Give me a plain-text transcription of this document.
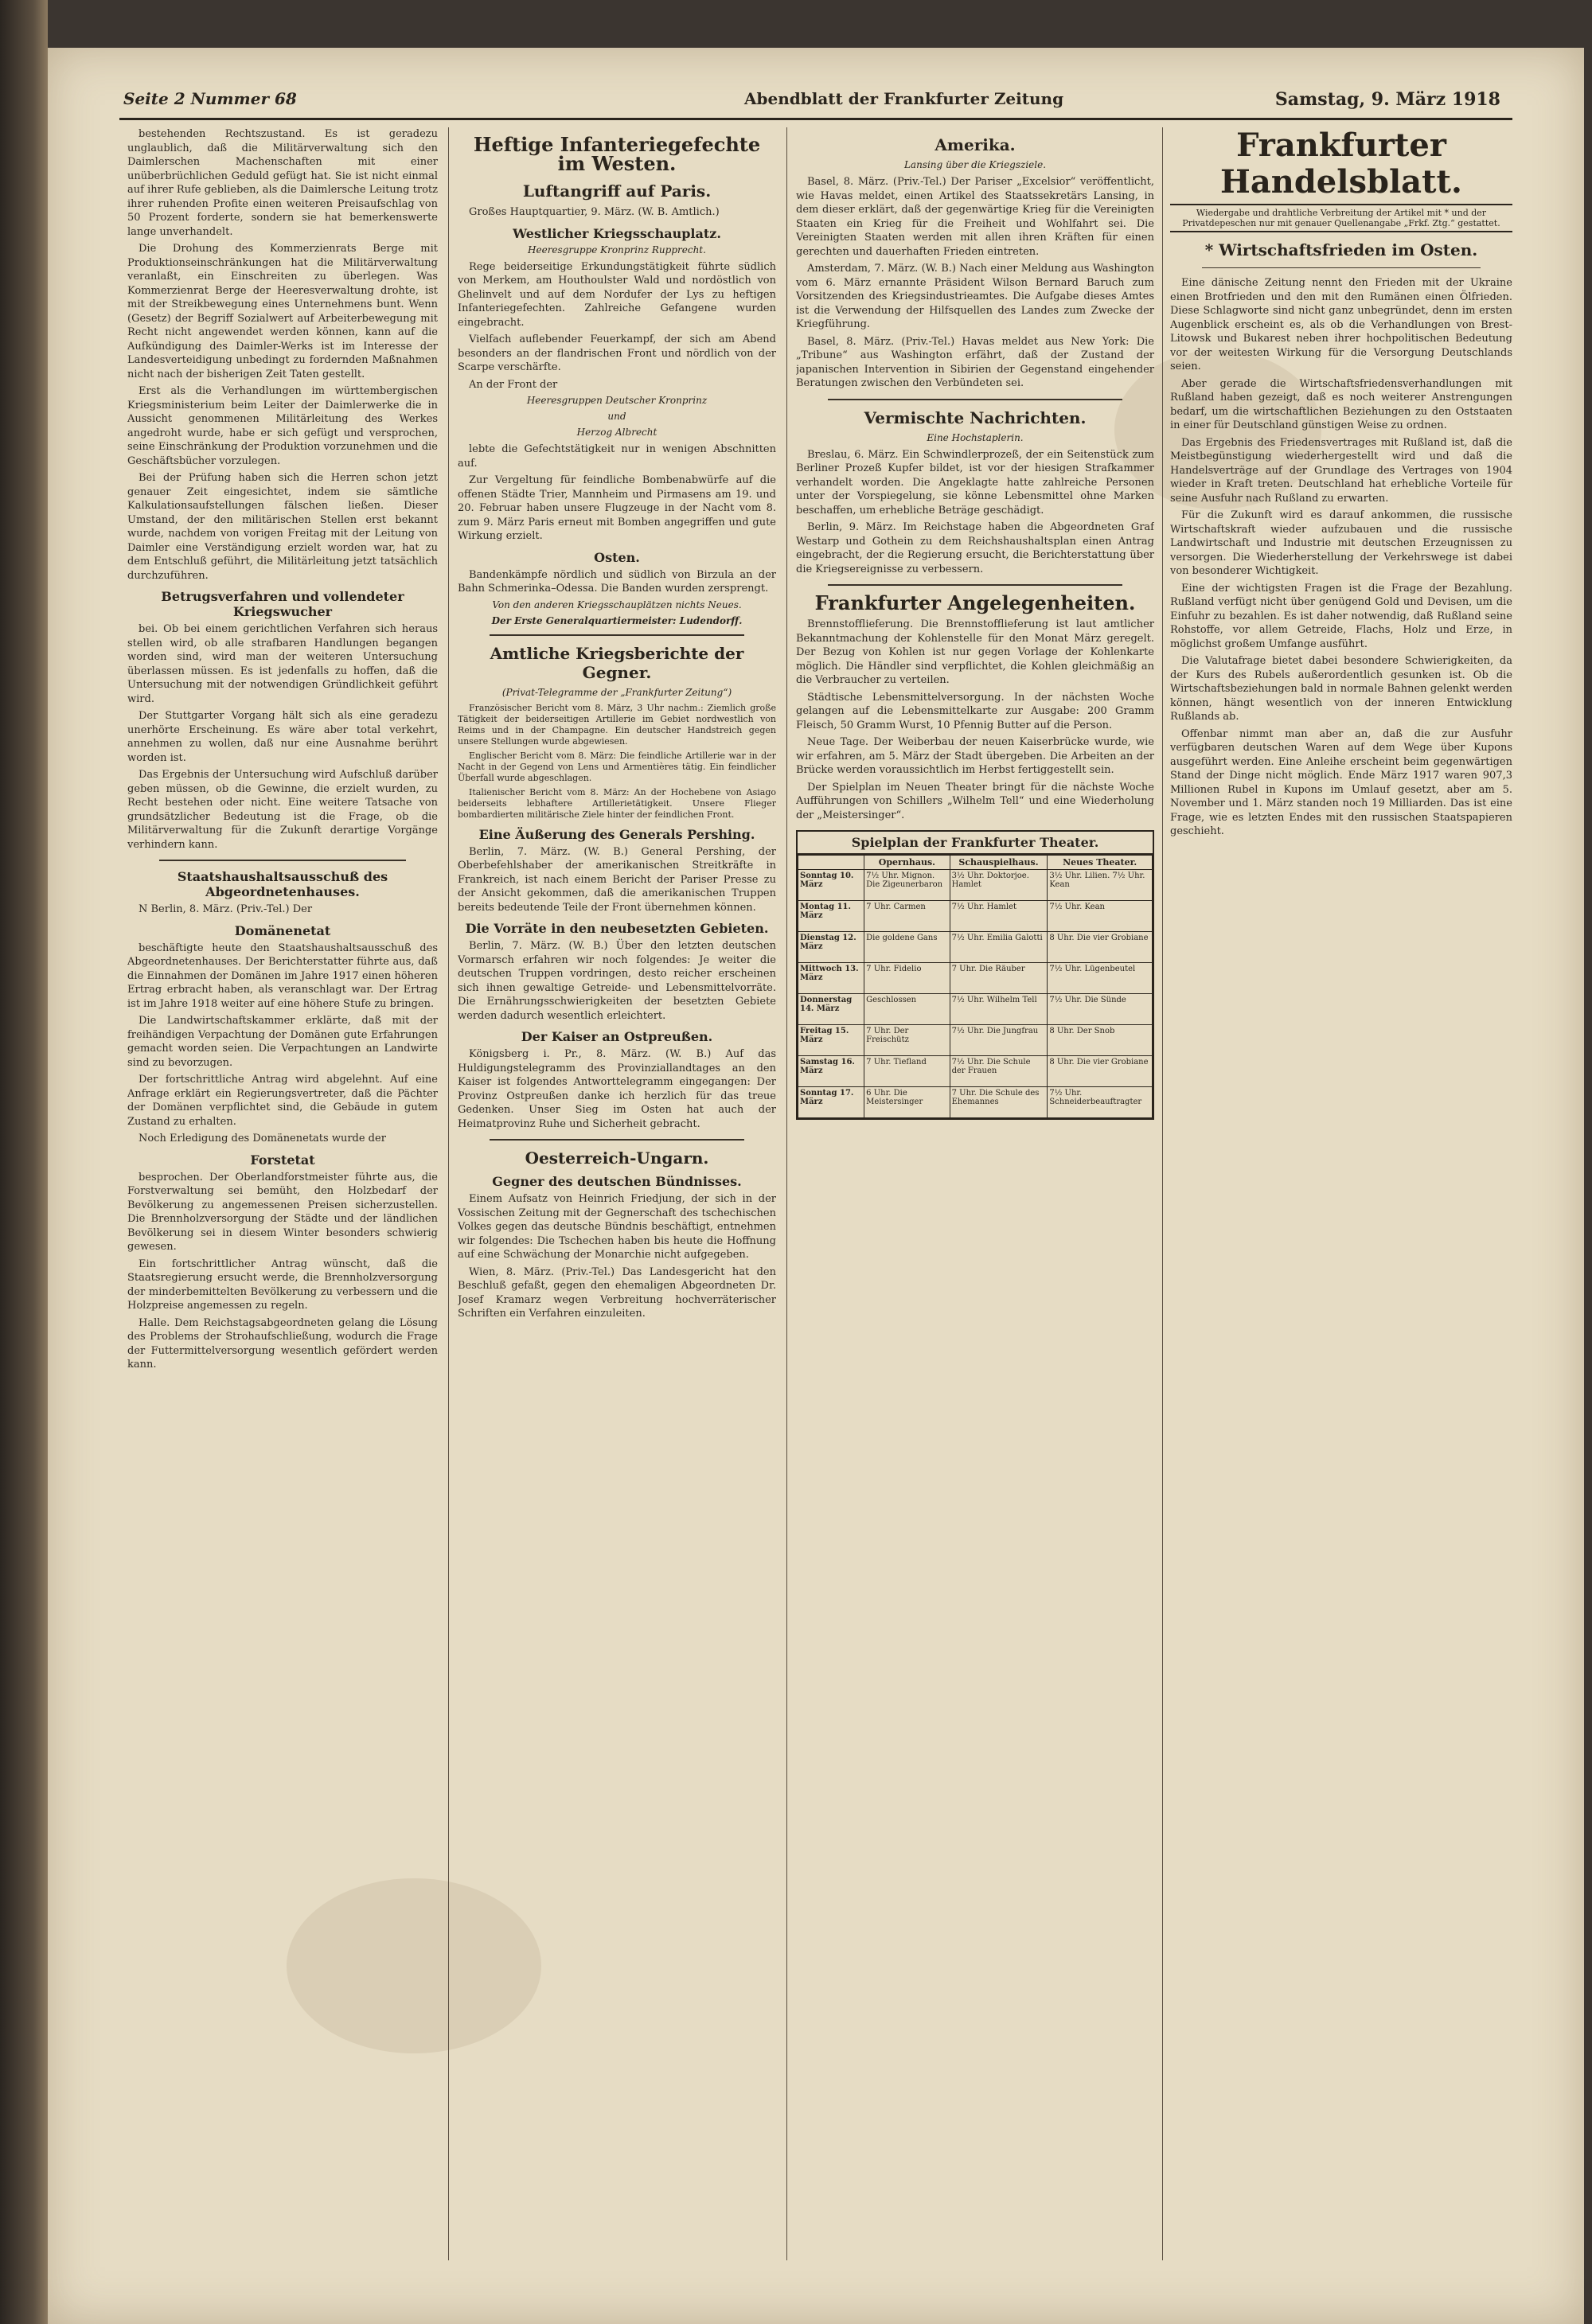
Seite 2 Nummer 68	Abendblatt der Frankfurter Zeitung	Samstag, 9. März 1918

bestehenden Rechtszustand. Es ist geradezu unglaublich, daß die Militärverwaltung sich den Daimlerschen Machenschaften mit einer unüberbrüchlichen Geduld gefügt hat. Sie ist nicht einmal auf ihrer Rufe geblieben, als die Daimlersche Leitung trotz ihrer ruhenden Profite einen weiteren Preisaufschlag von 50 Prozent forderte, sondern sie hat bemerkenswerte lange unverhandelt.

Die Drohung des Kommerzienrats Berge mit Produktionseinschränkungen hat die Militärverwaltung veranlaßt, ein Einschreiten zu überlegen. Was Kommerzienrat Berge der Heeresverwaltung drohte, ist mit der Streikbewegung eines Unternehmens bunt. Wenn (Gesetz) der Begriff Sozialwert auf Arbeiterbewegung mit Recht nicht angewendet werden können, kann auf die Aufkündigung des Daimler-Werks ist im Interesse der Landesverteidigung unbedingt zu fordernden Maßnahmen nicht nach der bisherigen Zeit Taten gestellt.

Erst als die Verhandlungen im württembergischen Kriegsministerium beim Leiter der Daimlerwerke die in Aussicht genommenen Militärleitung des Werkes angedroht wurde, habe er sich gefügt und versprochen, seine Einschränkung der Produktion vorzunehmen und die Geschäftsbücher vorzulegen.

Bei der Prüfung haben sich die Herren schon jetzt genauer Zeit eingesichtet, indem sie sämtliche Kalkulationsaufstellungen fälschen ließen. Dieser Umstand, der den militärischen Stellen erst bekannt wurde, nachdem von vorigen Freitag mit der Leitung von Daimler eine Verständigung erzielt worden war, hat zu dem Entschluß geführt, die Militärleitung jetzt tatsächlich durchzuführen.

Betrugsverfahren und vollendeter Kriegswucher

bei. Ob bei einem gerichtlichen Verfahren sich heraus stellen wird, ob alle strafbaren Handlungen begangen worden sind, wird man der weiteren Untersuchung überlassen müssen. Es ist jedenfalls zu hoffen, daß die Untersuchung mit der notwendigen Gründlichkeit geführt wird.

Der Stuttgarter Vorgang hält sich als eine geradezu unerhörte Erscheinung. Es wäre aber total verkehrt, annehmen zu wollen, daß nur eine Ausnahme berührt worden ist.

Das Ergebnis der Untersuchung wird Aufschluß darüber geben müssen, ob die Gewinne, die erzielt wurden, zu Recht bestehen oder nicht. Eine weitere Tatsache von grundsätzlicher Bedeutung ist die Frage, ob die Militärverwaltung für die Zukunft derartige Vorgänge verhindern kann.

Staatshaushaltsausschuß des Abgeordnetenhauses.

N Berlin, 8. März. (Priv.-Tel.) Der

Domänenetat

beschäftigte heute den Staatshaushaltsausschuß des Abgeordnetenhauses. Der Berichterstatter führte aus, daß die Einnahmen der Domänen im Jahre 1917 einen höheren Ertrag erbracht haben, als veranschlagt war. Der Ertrag ist im Jahre 1918 weiter auf eine höhere Stufe zu bringen.

Die Landwirtschaftskammer erklärte, daß mit der freihändigen Verpachtung der Domänen gute Erfahrungen gemacht worden seien. Die Verpachtungen an Landwirte sind zu bevorzugen.

Der fortschrittliche Antrag wird abgelehnt. Auf eine Anfrage erklärt ein Regierungsvertreter, daß die Pächter der Domänen verpflichtet sind, die Gebäude in gutem Zustand zu erhalten.

Noch Erledigung des Domänenetats wurde der

Forstetat

besprochen. Der Oberlandforstmeister führte aus, die Forstverwaltung sei bemüht, den Holzbedarf der Bevölkerung zu angemessenen Preisen sicherzustellen. Die Brennholzversorgung der Städte und der ländlichen Bevölkerung sei in diesem Winter besonders schwierig gewesen.

Ein fortschrittlicher Antrag wünscht, daß die Staatsregierung ersucht werde, die Brennholzversorgung der minderbemittelten Bevölkerung zu verbessern und die Holzpreise angemessen zu regeln.

Halle. Dem Reichstagsabgeordneten gelang die Lösung des Problems der Strohaufschließung, wodurch die Frage der Futtermittelversorgung wesentlich gefördert werden kann.

Heftige Infanteriegefechte im Westen.
Luftangriff auf Paris.

Großes Hauptquartier, 9. März. (W. B. Amtlich.)

Westlicher Kriegsschauplatz.
Heeresgruppe Kronprinz Rupprecht.

Rege beiderseitige Erkundungstätigkeit führte südlich von Merkem, am Houthoulster Wald und nordöstlich von Ghelinvelt und auf dem Nordufer der Lys zu heftigen Infanteriegefechten. Zahlreiche Gefangene wurden eingebracht.

Vielfach auflebender Feuerkampf, der sich am Abend besonders an der flandrischen Front und nördlich von der Scarpe verschärfte.

An der Front der

Heeresgruppen Deutscher Kronprinz
und
Herzog Albrecht

lebte die Gefechtstätigkeit nur in wenigen Abschnitten auf.

Zur Vergeltung für feindliche Bombenabwürfe auf die offenen Städte Trier, Mannheim und Pirmasens am 19. und 20. Februar haben unsere Flugzeuge in der Nacht vom 8. zum 9. März Paris erneut mit Bomben angegriffen und gute Wirkung erzielt.

Osten.

Bandenkämpfe nördlich und südlich von Birzula an der Bahn Schmerinka–Odessa. Die Banden wurden zersprengt.

Von den anderen Kriegsschauplätzen nichts Neues.
Der Erste Generalquartiermeister: Ludendorff.
Amtliche Kriegsberichte der Gegner.
(Privat-Telegramme der „Frankfurter Zeitung“)

Französischer Bericht vom 8. März, 3 Uhr nachm.: Ziemlich große Tätigkeit der beiderseitigen Artillerie im Gebiet nordwestlich von Reims und in der Champagne. Ein deutscher Handstreich gegen unsere Stellungen wurde abgewiesen.

Englischer Bericht vom 8. März: Die feindliche Artillerie war in der Nacht in der Gegend von Lens und Armentières tätig. Ein feindlicher Überfall wurde abgeschlagen.

Italienischer Bericht vom 8. März: An der Hochebene von Asiago beiderseits lebhaftere Artillerietätigkeit. Unsere Flieger bombardierten militärische Ziele hinter der feindlichen Front.

Eine Äußerung des Generals Pershing.

Berlin, 7. März. (W. B.) General Pershing, der Oberbefehlshaber der amerikanischen Streitkräfte in Frankreich, ist nach einem Bericht der Pariser Presse zu der Ansicht gekommen, daß die amerikanischen Truppen bereits bedeutende Teile der Front übernehmen können.

Die Vorräte in den neubesetzten Gebieten.

Berlin, 7. März. (W. B.) Über den letzten deutschen Vormarsch erfahren wir noch folgendes: Je weiter die deutschen Truppen vordringen, desto reicher erscheinen sich ihnen gewaltige Getreide- und Lebensmittelvorräte. Die Ernährungsschwierigkeiten der besetzten Gebiete werden dadurch wesentlich erleichtert.

Der Kaiser an Ostpreußen.

Königsberg i. Pr., 8. März. (W. B.) Auf das Huldigungstelegramm des Provinziallandtages an den Kaiser ist folgendes Antworttelegramm eingegangen: Der Provinz Ostpreußen danke ich herzlich für das treue Gedenken. Unser Sieg im Osten hat auch der Heimatprovinz Ruhe und Sicherheit gebracht.

Oesterreich-Ungarn.
Gegner des deutschen Bündnisses.

Einem Aufsatz von Heinrich Friedjung, der sich in der Vossischen Zeitung mit der Gegnerschaft des tschechischen Volkes gegen das deutsche Bündnis beschäftigt, entnehmen wir folgendes: Die Tschechen haben bis heute die Hoffnung auf eine Schwächung der Monarchie nicht aufgegeben.

Wien, 8. März. (Priv.-Tel.) Das Landesgericht hat den Beschluß gefaßt, gegen den ehemaligen Abgeordneten Dr. Josef Kramarz wegen Verbreitung hochverräterischer Schriften ein Verfahren einzuleiten.

Amerika.
Lansing über die Kriegsziele.

Basel, 8. März. (Priv.-Tel.) Der Pariser „Excelsior“ veröffentlicht, wie Havas meldet, einen Artikel des Staatssekretärs Lansing, in dem dieser erklärt, daß der gegenwärtige Krieg für die Vereinigten Staaten ein Krieg für die Freiheit und Wohlfahrt sei. Die Vereinigten Staaten werden mit allen ihren Kräften für einen gerechten und dauerhaften Frieden eintreten.

Amsterdam, 7. März. (W. B.) Nach einer Meldung aus Washington vom 6. März ernannte Präsident Wilson Bernard Baruch zum Vorsitzenden des Kriegsindustrieamtes. Die Aufgabe dieses Amtes ist die Verwendung der Hilfsquellen des Landes zum Zwecke der Kriegführung.

Basel, 8. März. (Priv.-Tel.) Havas meldet aus New York: Die „Tribune“ aus Washington erfährt, daß der Zustand der japanischen Intervention in Sibirien der Gegenstand eingehender Beratungen zwischen den Verbündeten sei.

Vermischte Nachrichten.
Eine Hochstaplerin.

Breslau, 6. März. Ein Schwindlerprozeß, der ein Seitenstück zum Berliner Prozeß Kupfer bildet, ist vor der hiesigen Strafkammer verhandelt worden. Die Angeklagte hatte zahlreiche Personen unter der Vorspiegelung, sie könne Lebensmittel ohne Marken beschaffen, um erhebliche Beträge geschädigt.

Berlin, 9. März. Im Reichstage haben die Abgeordneten Graf Westarp und Gothein zu dem Reichshaushaltsplan einen Antrag eingebracht, der die Regierung ersucht, die Berichterstattung über die Kriegsereignisse zu verbessern.

Frankfurter Angelegenheiten.

Brennstofflieferung. Die Brennstofflieferung ist laut amtlicher Bekanntmachung der Kohlenstelle für den Monat März geregelt. Der Bezug von Kohlen ist nur gegen Vorlage der Kohlenkarte möglich. Die Händler sind verpflichtet, die Kohlen gleichmäßig an die Verbraucher zu verteilen.

Städtische Lebensmittelversorgung. In der nächsten Woche gelangen auf die Lebensmittelkarte zur Ausgabe: 200 Gramm Fleisch, 50 Gramm Wurst, 10 Pfennig Butter auf die Person.

Neue Tage. Der Weiberbau der neuen Kaiserbrücke wurde, wie wir erfahren, am 5. März der Stadt übergeben. Die Arbeiten an der Brücke werden voraussichtlich im Herbst fertiggestellt sein.

Der Spielplan im Neuen Theater bringt für die nächste Woche Aufführungen von Schillers „Wilhelm Tell“ und eine Wiederholung der „Meistersinger“.

Spielplan der Frankfurter Theater.
	Opernhaus.	Schauspielhaus.	Neues Theater.
Sonntag 10. März	7½ Uhr. Mignon. Die Zigeunerbaron	3½ Uhr. Doktorjoe. Hamlet	3½ Uhr. Lilien. 7½ Uhr. Kean
Montag 11. März	7 Uhr. Carmen	7½ Uhr. Hamlet	7½ Uhr. Kean
Dienstag 12. März	Die goldene Gans	7½ Uhr. Emilia Galotti	8 Uhr. Die vier Grobiane
Mittwoch 13. März	7 Uhr. Fidelio	7 Uhr. Die Räuber	7½ Uhr. Lügenbeutel
Donnerstag 14. März	Geschlossen	7½ Uhr. Wilhelm Tell	7½ Uhr. Die Sünde
Freitag 15. März	7 Uhr. Der Freischütz	7½ Uhr. Die Jungfrau	8 Uhr. Der Snob
Samstag 16. März	7 Uhr. Tiefland	7½ Uhr. Die Schule der Frauen	8 Uhr. Die vier Grobiane
Sonntag 17. März	6 Uhr. Die Meistersinger	7 Uhr. Die Schule des Ehemannes	7½ Uhr. Schneiderbeauftragter
Frankfurter Handelsblatt.
Wiedergabe und drahtliche Verbreitung der Artikel mit * und der Privatdepeschen nur mit genauer Quellenangabe „Frkf. Ztg.“ gestattet.
* Wirtschaftsfrieden im Osten.

Eine dänische Zeitung nennt den Frieden mit der Ukraine einen Brotfrieden und den mit den Rumänen einen Ölfrieden. Diese Schlagworte sind nicht ganz unbegründet, denn im ersten Augenblick erscheint es, als ob die Verhandlungen von Brest-Litowsk und Bukarest neben ihrer hochpolitischen Bedeutung vor der weitesten Wirkung für die Versorgung Deutschlands seien.

Aber gerade die Wirtschaftsfriedensverhandlungen mit Rußland haben gezeigt, daß es noch weiterer Anstrengungen bedarf, um die wirtschaftlichen Beziehungen zu den Oststaaten in einer für Deutschland günstigen Weise zu ordnen.

Das Ergebnis des Friedensvertrages mit Rußland ist, daß die Meistbegünstigung wiederhergestellt wird und daß die Handelsverträge auf der Grundlage des Vertrages von 1904 wieder in Kraft treten. Deutschland hat erhebliche Vorteile für seine Ausfuhr nach Rußland zu erwarten.

Für die Zukunft wird es darauf ankommen, die russische Wirtschaftskraft wieder aufzubauen und die russische Landwirtschaft und Industrie mit deutschen Erzeugnissen zu versorgen. Die Wiederherstellung der Verkehrswege ist dabei von besonderer Wichtigkeit.

Eine der wichtigsten Fragen ist die Frage der Bezahlung. Rußland verfügt nicht über genügend Gold und Devisen, um die Einfuhr zu bezahlen. Es ist daher notwendig, daß Rußland seine Rohstoffe, vor allem Getreide, Flachs, Holz und Erze, in möglichst großem Umfange ausführt.

Die Valutafrage bietet dabei besondere Schwierigkeiten, da der Kurs des Rubels außerordentlich gesunken ist. Ob die Wirtschaftsbeziehungen bald in normale Bahnen gelenkt werden können, hängt wesentlich von der inneren Entwicklung Rußlands ab.

Offenbar nimmt man aber an, daß die zur Ausfuhr verfügbaren deutschen Waren auf dem Wege über Kupons ausgeführt werden. Eine Anleihe erscheint beim gegenwärtigen Stand der Dinge nicht möglich. Ende März 1917 waren 907,3 Millionen Rubel in Kupons im Umlauf gesetzt, aber am 5. November und 1. März standen noch 19 Milliarden. Das ist eine Frage, wie es letzten Endes mit den russischen Staatspapieren geschieht.
